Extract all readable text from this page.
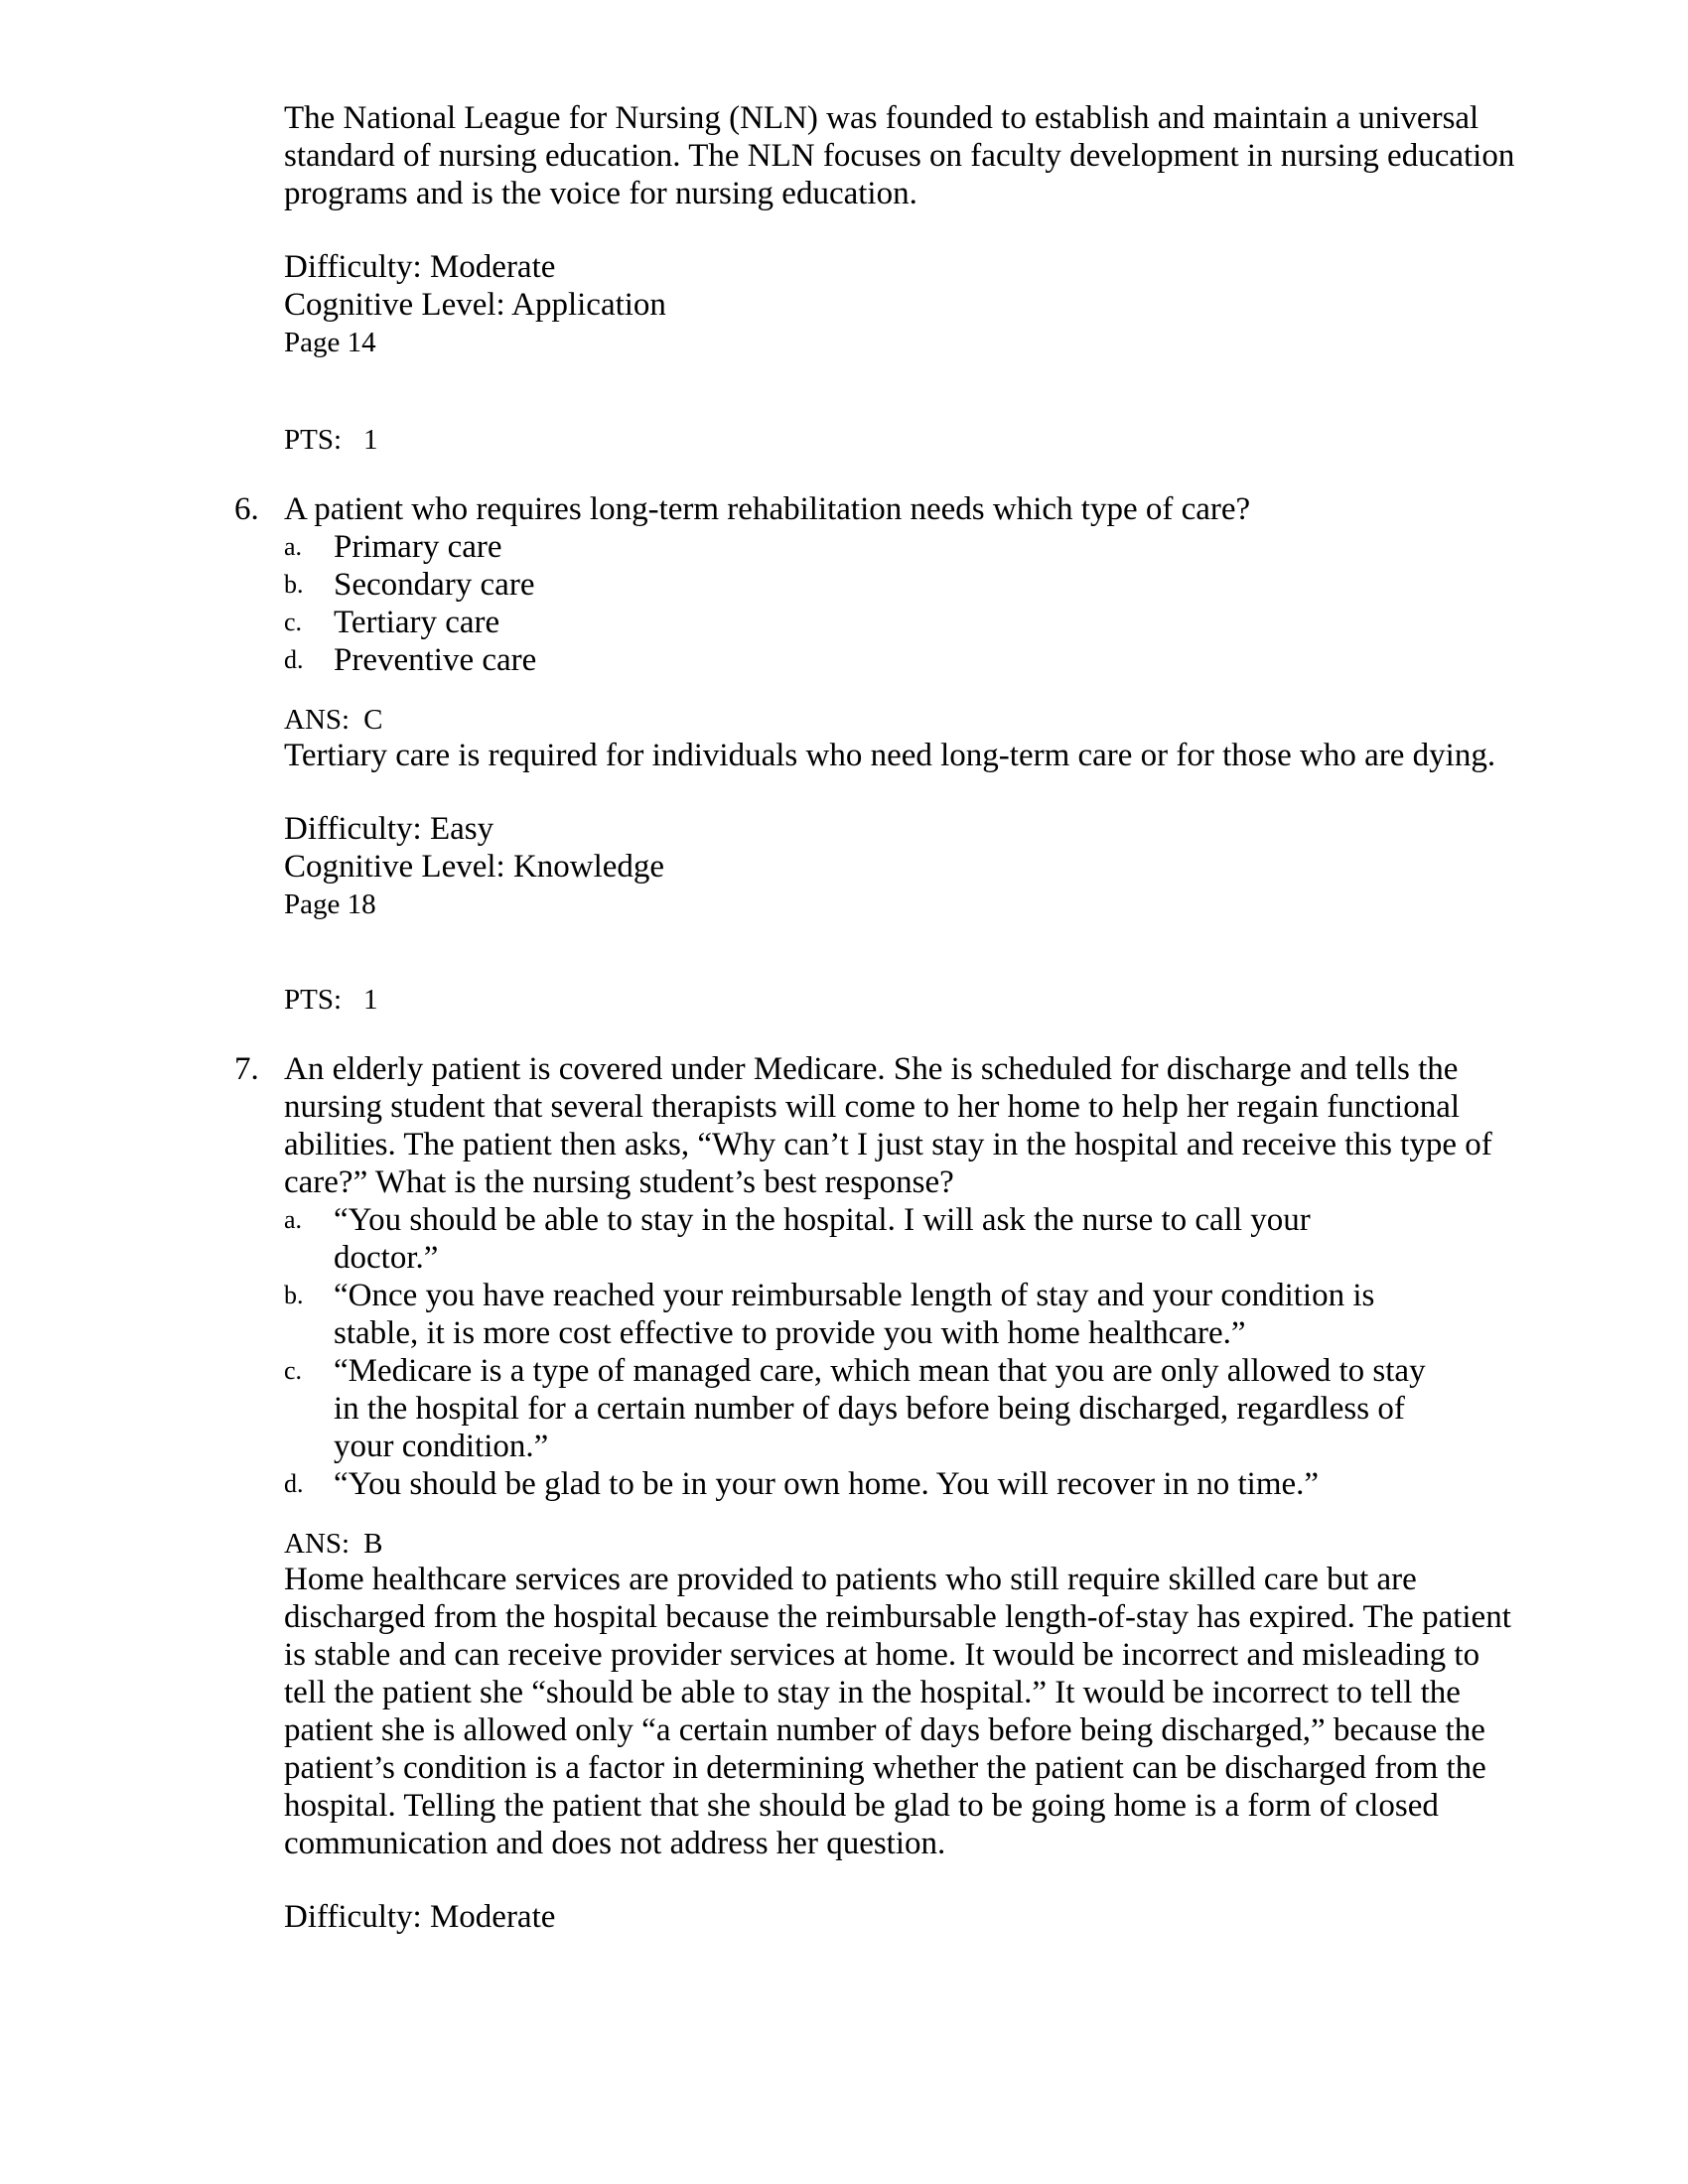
The National League for Nursing (NLN) was founded to establish and maintain a universal
standard of nursing education. The NLN focuses on faculty development in nursing education
programs and is the voice for nursing education.
Difficulty: Moderate
Cognitive Level: Application
Page 14
PTS: 1
6. A patient who requires long-term rehabilitation needs which type of care?
a. Primary care
b. Secondary care
c. Tertiary care
d. Preventive care
ANS: C
Tertiary care is required for individuals who need long-term care or for those who are dying.
Difficulty: Easy
Cognitive Level: Knowledge
Page 18
PTS: 1
7. An elderly patient is covered under Medicare. She is scheduled for discharge and tells the
nursing student that several therapists will come to her home to help her regain functional
abilities. The patient then asks, “Why can’t I just stay in the hospital and receive this type of
care?” What is the nursing student’s best response?
a. “You should be able to stay in the hospital. I will ask the nurse to call your
doctor.”
b. “Once you have reached your reimbursable length of stay and your condition is
stable, it is more cost effective to provide you with home healthcare.”
c. “Medicare is a type of managed care, which mean that you are only allowed to stay
in the hospital for a certain number of days before being discharged, regardless of
your condition.”
d. “You should be glad to be in your own home. You will recover in no time.”
ANS: B
Home healthcare services are provided to patients who still require skilled care but are
discharged from the hospital because the reimbursable length-of-stay has expired. The patient
is stable and can receive provider services at home. It would be incorrect and misleading to
tell the patient she “should be able to stay in the hospital.” It would be incorrect to tell the
patient she is allowed only “a certain number of days before being discharged,” because the
patient’s condition is a factor in determining whether the patient can be discharged from the
hospital. Telling the patient that she should be glad to be going home is a form of closed
communication and does not address her question.
Difficulty: Moderate
